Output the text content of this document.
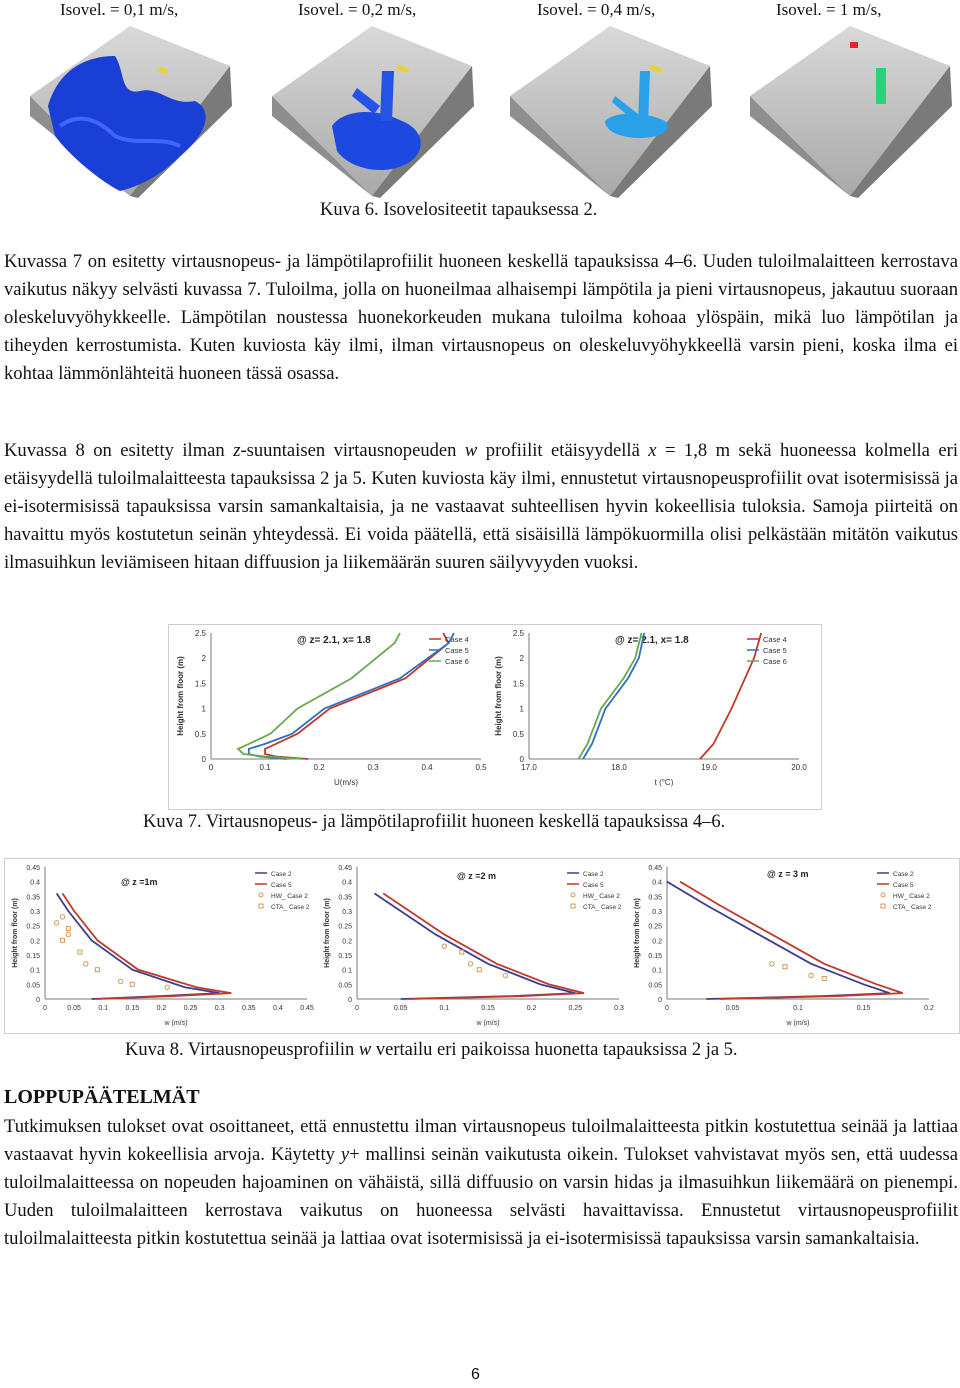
Isovel. = 0,1 m/s,	Isovel. = 0,2 m/s,	Isovel. = 0,4 m/s,	Isovel. = 1 m/s,
Kuva 6. Isovelositeetit tapauksessa 2.

Kuvassa 7 on esitetty virtausnopeus- ja lämpötilaprofiilit huoneen keskellä tapauksissa 4–6. Uuden tuloilmalaitteen kerrostava vaikutus näkyy selvästi kuvassa 7. Tuloilma, jolla on huoneilmaa alhaisempi lämpötila ja pieni virtausnopeus, jakautuu suoraan oleskeluvyöhykkeelle. Lämpötilan noustessa huonekorkeuden mukana tuloilma kohoaa ylöspäin, mikä luo lämpötilan ja tiheyden kerrostumista. Kuten kuviosta käy ilmi, ilman virtausnopeus on oleskeluvyöhykkeellä varsin pieni, koska ilma ei kohtaa lämmönlähteitä huoneen tässä osassa.

Kuvassa 8 on esitetty ilman z-suuntaisen virtausnopeuden w profiilit etäisyydellä x = 1,8 m sekä huoneessa kolmella eri etäisyydellä tuloilmalaitteesta tapauksissa 2 ja 5. Kuten kuviosta käy ilmi, ennustetut virtausnopeusprofiilit ovat isotermisissä ja ei-isotermisissä tapauksissa varsin samankaltaisia, ja ne vastaavat suhteellisen hyvin kokeellisia tuloksia. Samoja piirteitä on havaittu myös kostutetun seinän yhteydessä. Ei voida päätellä, että sisäisillä lämpökuormilla olisi pelkästään mitätön vaikutus ilmasuihkun leviämiseen hitaan diffuusion ja liikemäärän suuren säilyvyyden vuoksi.

0	0.1	0.2	0.3	0.4	0.5
0
0.5
1
1.5
2
2.5
U(m/s)
Height from floor (m)
@ z= 2.1, x= 1.8	Case 4
Case 5
Case 6
17.0	18.0	19.0	20.0
0
0.5
1
1.5
2
2.5
t (°C)
Height from floor (m)
@ z= 2.1, x= 1.8	Case 4
Case 5
Case 6
Kuva 7. Virtausnopeus- ja lämpötilaprofiilit huoneen keskellä tapauksissa 4–6.
0	0.05 0.1 0.15 0.2 0.25 0.3 0.35 0.4 0.45
0
0.05
0.1
0.15
0.2
0.25
0.3
0.35
0.4
0.45
w (m/s)
Height from floor (m)
@ z =1m
Case 2
Case 5
HW_ Case 2
CTA_ Case 2
0	0.05	0.1	0.15	0.2	0.25	0.3
0
0.05
0.1
0.15
0.2
0.25
0.3
0.35
0.4
0.45
w (m/s)
Height from floor (m)
@ z =2 m	Case 2
Case 5
HW_ Case 2
CTA_ Case 2
0	0.05	0.1	0.15	0.2
0
0.05
0.1
0.15
0.2
0.25
0.3
0.35
0.4
0.45
w (m/s)
Height from floor (m)
@ z = 3 m	Case 2
Case 5
HW_ Case 2
CTA_ Case 2
Kuva 8. Virtausnopeusprofiilin w vertailu eri paikoissa huonetta tapauksissa 2 ja 5.
LOPPUPÄÄTELMÄT

Tutkimuksen tulokset ovat osoittaneet, että ennustettu ilman virtausnopeus tuloilmalaitteesta pitkin kostutettua seinää ja lattiaa vastaavat hyvin kokeellisia arvoja. Käytetty y+ mallinsi seinän vaikutusta oikein. Tulokset vahvistavat myös sen, että uudessa tuloilmalaitteessa on nopeuden hajoaminen on vähäistä, sillä diffuusio on varsin hidas ja ilmasuihkun liikemäärä on pienempi. Uuden tuloilmalaitteen kerrostava vaikutus on huoneessa selvästi havaittavissa. Ennustetut virtausnopeusprofiilit tuloilmalaitteesta pitkin kostutettua seinää ja lattiaa ovat isotermisissä ja ei-isotermisissä tapauksissa varsin samankaltaisia.

6
